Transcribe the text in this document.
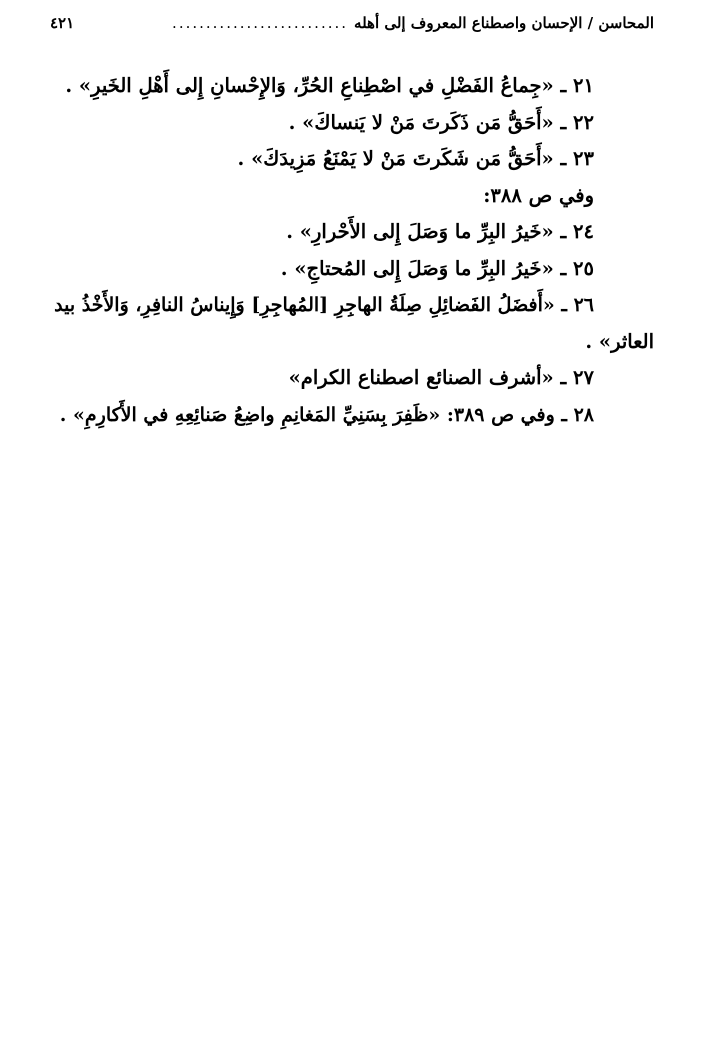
المحاسن / الإحسان واصطناع المعروف إلى أهله
..........................
٤٢١

٢١ ـ «جِماعُ الفَضْلِ في اصْطِناعِ الحُرِّ، وَالإِحْسانِ إِلى أَهْلِ الخَيرِ» .

٢٢ ـ «أَحَقُّ مَن ذَكَرتَ مَنْ لا يَنساكَ» .

٢٣ ـ «أَحَقُّ مَن شَكَرتَ مَنْ لا يَمْنَعُ مَزِيدَكَ» .

وفي ص ٣٨٨:

٢٤ ـ «خَيرُ البِرِّ ما وَصَلَ إِلى الأَحْرارِ» .

٢٥ ـ «خَيرُ البِرِّ ما وَصَلَ إِلى المُحتاجِ» .

٢٦ ـ «أَفضَلُ الفَضائِلِ صِلَةُ الهاجِرِ [المُهاجِرِ] وَإِيناسُ النافِرِ، وَالأَخْذُ بيد

العاثر» .

٢٧ ـ «أشرف الصنائع اصطناع الكرام»

٢٨ ـ وفي ص ٣٨٩: «ظَفِرَ بِسَنِيِّ المَغانِمِ واضِعُ صَنائِعِهِ في الأَكارِمِ» .
